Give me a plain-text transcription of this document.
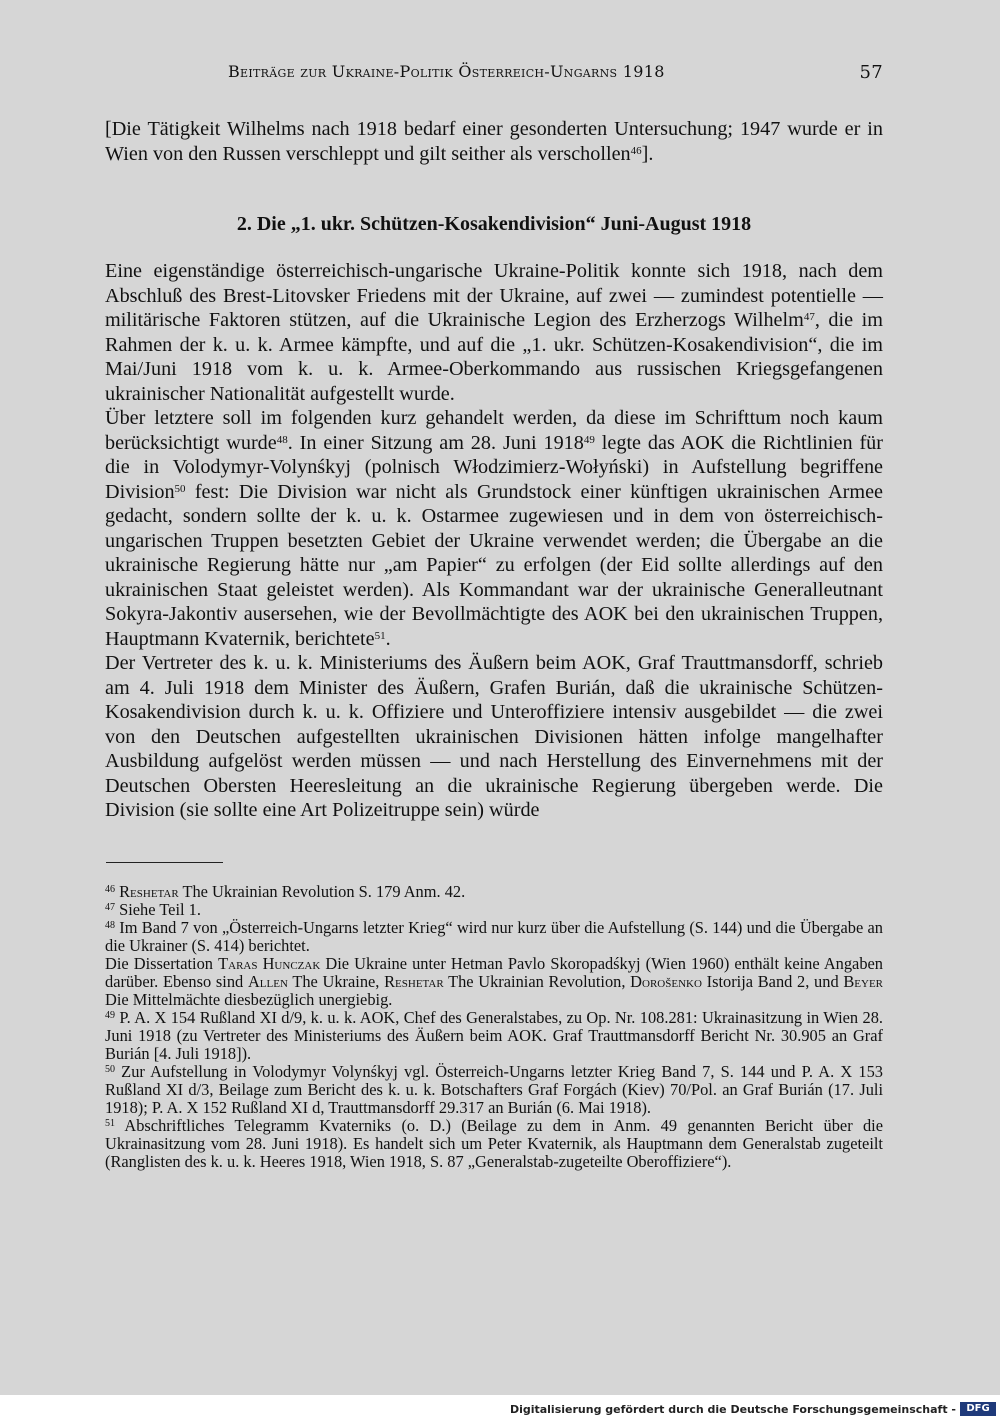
Beiträge zur Ukraine-Politik Österreich-Ungarns 1918	57

[Die Tätigkeit Wilhelms nach 1918 bedarf einer gesonderten Untersuchung; 1947 wurde er in Wien von den Russen verschleppt und gilt seither als verschollen$^{46}$].

2. Die „1. ukr. Schützen-Kosakendivision“ Juni-August 1918

Eine eigenständige österreichisch-ungarische Ukraine-Politik konnte sich 1918, nach dem Abschluß des Brest-Litovsker Friedens mit der Ukraine, auf zwei — zumindest potentielle — militärische Faktoren stützen, auf die Ukrainische Legion des Erzherzogs Wilhelm$^{47}$, die im Rahmen der k. u. k. Armee kämpfte, und auf die „1. ukr. Schützen-Kosakendivision“, die im Mai/Juni 1918 vom k. u. k. Armee-Oberkommando aus russischen Kriegsgefangenen ukrainischer Nationalität aufgestellt wurde.

Über letztere soll im folgenden kurz gehandelt werden, da diese im Schrifttum noch kaum berücksichtigt wurde$^{48}$. In einer Sitzung am 28. Juni 1918$^{49}$ legte das AOK die Richtlinien für die in Volodymyr-Volynśkyj (polnisch Włodzimierz-Wołyński) in Aufstellung begriffene Division$^{50}$ fest: Die Division war nicht als Grundstock einer künftigen ukrainischen Armee gedacht, sondern sollte der k. u. k. Ostarmee zugewiesen und in dem von österreichisch-ungarischen Truppen besetzten Gebiet der Ukraine verwendet werden; die Übergabe an die ukrainische Regierung hätte nur „am Papier“ zu erfolgen (der Eid sollte allerdings auf den ukrainischen Staat geleistet werden). Als Kommandant war der ukrainische Generalleutnant Sokyra-Jakontiv ausersehen, wie der Bevollmächtigte des AOK bei den ukrainischen Truppen, Hauptmann Kvaternik, berichtete$^{51}$.

Der Vertreter des k. u. k. Ministeriums des Äußern beim AOK, Graf Trauttmansdorff, schrieb am 4. Juli 1918 dem Minister des Äußern, Grafen Burián, daß die ukrainische Schützen-Kosakendivision durch k. u. k. Offiziere und Unteroffiziere intensiv ausgebildet — die zwei von den Deutschen aufgestellten ukrainischen Divisionen hätten infolge mangelhafter Ausbildung aufgelöst werden müssen — und nach Herstellung des Einvernehmens mit der Deutschen Obersten Heeresleitung an die ukrainische Regierung übergeben werde. Die Division (sie sollte eine Art Polizeitruppe sein) würde

$^{46}$ Reshetar The Ukrainian Revolution S. 179 Anm. 42.

$^{47}$ Siehe Teil 1.

$^{48}$ Im Band 7 von „Österreich-Ungarns letzter Krieg“ wird nur kurz über die Aufstellung (S. 144) und die Übergabe an die Ukrainer (S. 414) berichtet.

Die Dissertation Taras Hunczak Die Ukraine unter Hetman Pavlo Skoropadśkyj (Wien 1960) enthält keine Angaben darüber. Ebenso sind Allen The Ukraine, Reshetar The Ukrainian Revolution, Dorošenko Istorija Band 2, und Beyer Die Mittelmächte diesbezüglich unergiebig.

$^{49}$ P. A. X 154 Rußland XI d/9, k. u. k. AOK, Chef des Generalstabes, zu Op. Nr. 108.281: Ukrainasitzung in Wien 28. Juni 1918 (zu Vertreter des Ministeriums des Äußern beim AOK. Graf Trauttmansdorff Bericht Nr. 30.905 an Graf Burián [4. Juli 1918]).

$^{50}$ Zur Aufstellung in Volodymyr Volynśkyj vgl. Österreich-Ungarns letzter Krieg Band 7, S. 144 und P. A. X 153 Rußland XI d/3, Beilage zum Bericht des k. u. k. Botschafters Graf Forgách (Kiev) 70/Pol. an Graf Burián (17. Juli 1918); P. A. X 152 Rußland XI d, Trauttmansdorff 29.317 an Burián (6. Mai 1918).

$^{51}$ Abschriftliches Telegramm Kvaterniks (o. D.) (Beilage zu dem in Anm. 49 genannten Bericht über die Ukrainasitzung vom 28. Juni 1918). Es handelt sich um Peter Kvaternik, als Hauptmann dem Generalstab zugeteilt (Ranglisten des k. u. k. Heeres 1918, Wien 1918, S. 87 „Generalstab-zugeteilte Oberoffiziere“).

Digitalisierung gefördert durch die Deutsche Forschungsgemeinschaft -	DFG
